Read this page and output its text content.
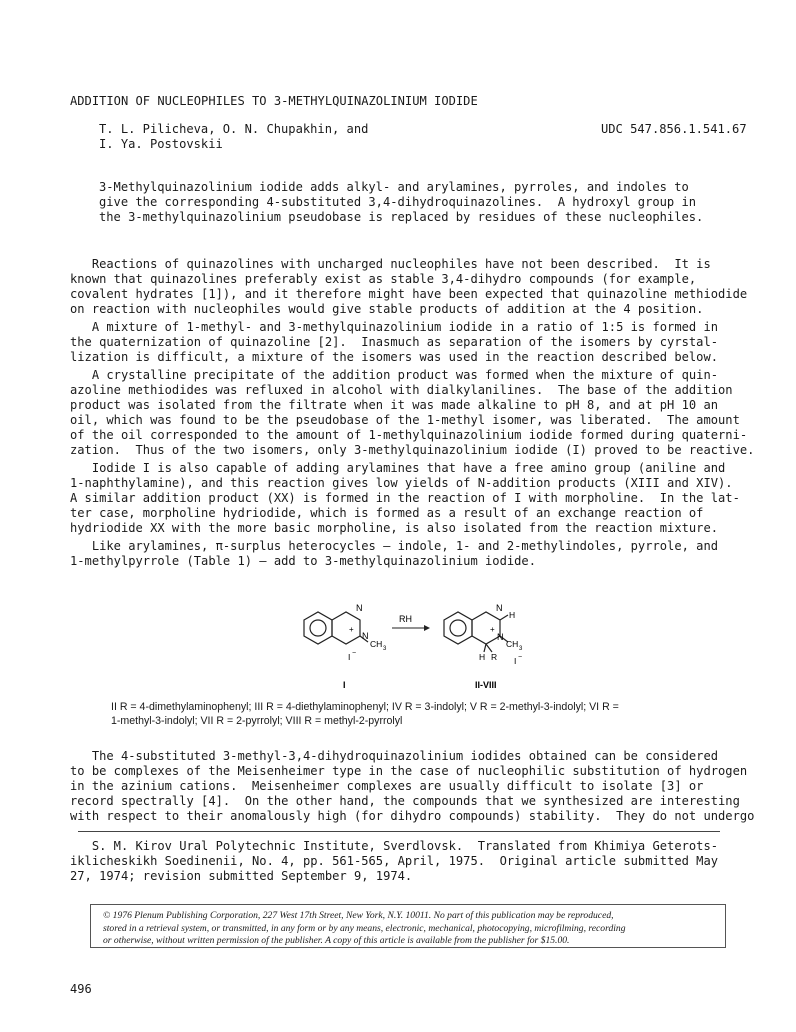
ADDITION OF NUCLEOPHILES TO 3-METHYLQUINAZOLINIUM IODIDE
T. L. Pilicheva, O. N. Chupakhin, and
I. Ya. Postovskii
UDC 547.856.1.541.67
3-Methylquinazolinium iodide adds alkyl- and arylamines, pyrroles, and indoles to
give the corresponding 4-substituted 3,4-dihydroquinazolines.  A hydroxyl group in
the 3-methylquinazolinium pseudobase is replaced by residues of these nucleophiles.
Reactions of quinazolines with uncharged nucleophiles have not been described.  It is
known that quinazolines preferably exist as stable 3,4-dihydro compounds (for example,
covalent hydrates [1]), and it therefore might have been expected that quinazoline methiodide
on reaction with nucleophiles would give stable products of addition at the 4 position.
A mixture of 1-methyl- and 3-methylquinazolinium iodide in a ratio of 1:5 is formed in
the quaternization of quinazoline [2].  Inasmuch as separation of the isomers by cyrstal-
lization is difficult, a mixture of the isomers was used in the reaction described below.
A crystalline precipitate of the addition product was formed when the mixture of quin-
azoline methiodides was refluxed in alcohol with dialkylanilines.  The base of the addition
product was isolated from the filtrate when it was made alkaline to pH 8, and at pH 10 an
oil, which was found to be the pseudobase of the 1-methyl isomer, was liberated.  The amount
of the oil corresponded to the amount of 1-methylquinazolinium iodide formed during quaterni-
zation.  Thus of the two isomers, only 3-methylquinazolinium iodide (I) proved to be reactive.
Iodide I is also capable of adding arylamines that have a free amino group (aniline and
1-naphthylamine), and this reaction gives low yields of N-addition products (XIII and XIV).
A similar addition product (XX) is formed in the reaction of I with morpholine.  In the lat-
ter case, morpholine hydriodide, which is formed as a result of an exchange reaction of
hydriodide XX with the more basic morpholine, is also isolated from the reaction mixture.
Like arylamines, π-surplus heterocycles — indole, 1- and 2-methylindoles, pyrrole, and
1-methylpyrrole (Table 1) — add to 3-methylquinazolinium iodide.
N
+
N
CH 3
I −
I
RH
N
H
+
N
CH 3
H R I −
II-VIII
II R = 4-dimethylaminophenyl; III R = 4-diethylaminophenyl; IV R = 3-indolyl; V R = 2-methyl-3-indolyl; VI R =
1-methyl-3-indolyl; VII R = 2-pyrrolyl; VIII R = methyl-2-pyrrolyl
The 4-substituted 3-methyl-3,4-dihydroquinazolinium iodides obtained can be considered
to be complexes of the Meisenheimer type in the case of nucleophilic substitution of hydrogen
in the azinium cations.  Meisenheimer complexes are usually difficult to isolate [3] or
record spectrally [4].  On the other hand, the compounds that we synthesized are interesting
with respect to their anomalously high (for dihydro compounds) stability.  They do not undergo
S. M. Kirov Ural Polytechnic Institute, Sverdlovsk.  Translated from Khimiya Geterots-
iklicheskikh Soedinenii, No. 4, pp. 561-565, April, 1975.  Original article submitted May
27, 1974; revision submitted September 9, 1974.
© 1976 Plenum Publishing Corporation, 227 West 17th Street, New York, N.Y. 10011. No part of this publication may be reproduced,
stored in a retrieval system, or transmitted, in any form or by any means, electronic, mechanical, photocopying, microfilming, recording
or otherwise, without written permission of the publisher. A copy of this article is available from the publisher for $15.00.
496
